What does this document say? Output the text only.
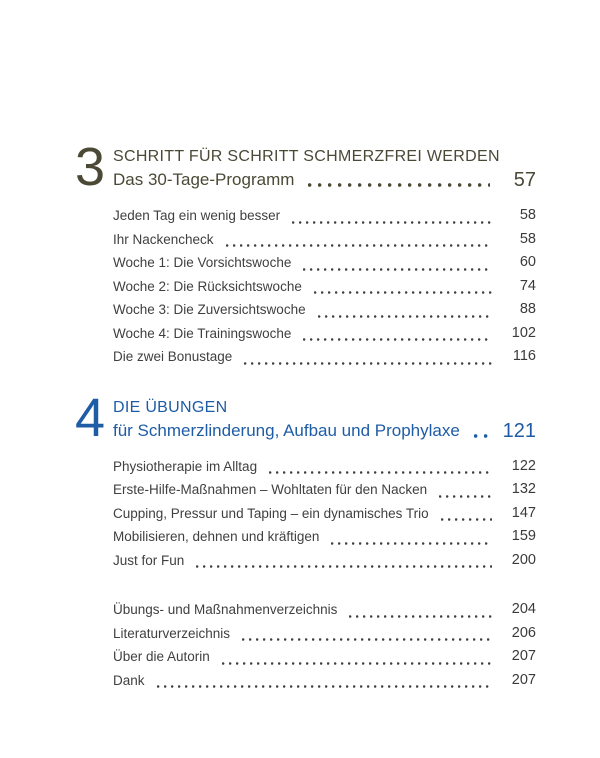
3 SCHRITT FÜR SCHRITT SCHMERZFREI WERDEN
Das 30-Tage-Programm	57
Jeden Tag ein wenig besser	58
Ihr Nackencheck	58
Woche 1: Die Vorsichtswoche	60
Woche 2: Die Rücksichtswoche	74
Woche 3: Die Zuversichtswoche	88
Woche 4: Die Trainingswoche	102
Die zwei Bonustage	116
4 DIE ÜBUNGEN
für Schmerzlinderung, Aufbau und Prophylaxe 121
Physiotherapie im Alltag	122
Erste-Hilfe-Maßnahmen – Wohltaten für den Nacken	132
Cupping, Pressur und Taping – ein dynamisches Trio	147
Mobilisieren, dehnen und kräftigen	159
Just for Fun	200
Übungs- und Maßnahmenverzeichnis	204
Literaturverzeichnis	206
Über die Autorin	207
Dank	207
